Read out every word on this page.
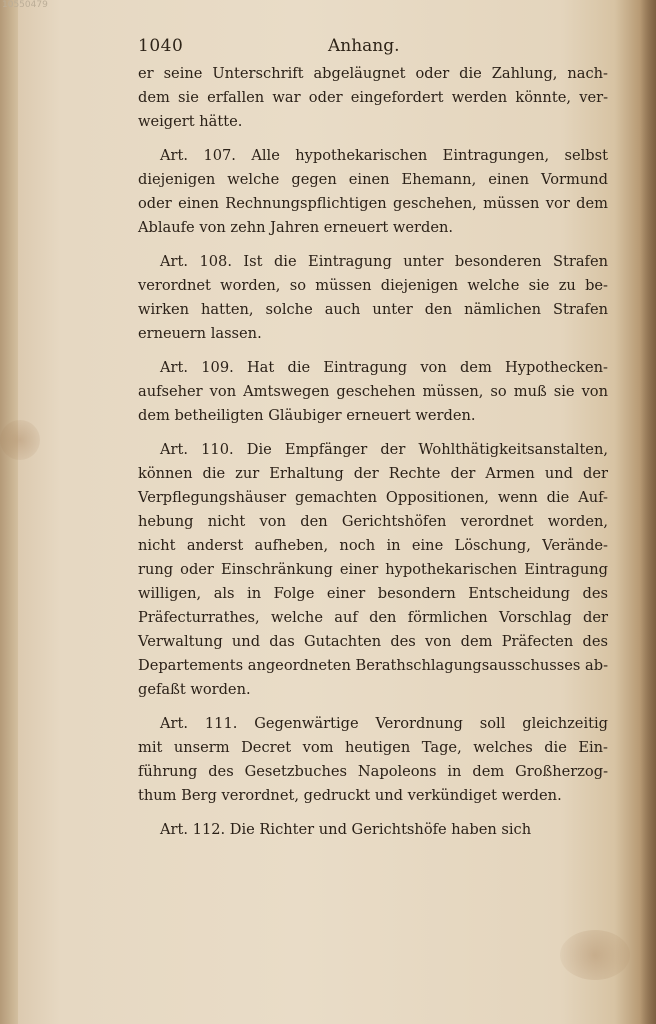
10550479
1040	Anhang.
er seine Unterschrift abgeläugnet oder die Zahlung, nach-
dem sie erfallen war oder eingefordert werden könnte, ver-
weigert hätte.
Art. 107. Alle hypothekarischen Eintragungen, selbst
diejenigen welche gegen einen Ehemann, einen Vormund
oder einen Rechnungspflichtigen geschehen, müssen vor dem
Ablaufe von zehn Jahren erneuert werden.
Art. 108. Ist die Eintragung unter besonderen Strafen
verordnet worden, so müssen diejenigen welche sie zu be-
wirken hatten, solche auch unter den nämlichen Strafen
erneuern lassen.
Art. 109. Hat die Eintragung von dem Hypothecken-
aufseher von Amtswegen geschehen müssen, so muß sie von
dem betheiligten Gläubiger erneuert werden.
Art. 110. Die Empfänger der Wohlthätigkeitsanstalten,
können die zur Erhaltung der Rechte der Armen und der
Verpflegungshäuser gemachten Oppositionen, wenn die Auf-
hebung nicht von den Gerichtshöfen verordnet worden,
nicht anderst aufheben, noch in eine Löschung, Verände-
rung oder Einschränkung einer hypothekarischen Eintragung
willigen, als in Folge einer besondern Entscheidung des
Präfecturrathes, welche auf den förmlichen Vorschlag der
Verwaltung und das Gutachten des von dem Präfecten des
Departements angeordneten Berathschlagungsausschusses ab-
gefaßt worden.
Art. 111. Gegenwärtige Verordnung soll gleichzeitig
mit unserm Decret vom heutigen Tage, welches die Ein-
führung des Gesetzbuches Napoleons in dem Großherzog-
thum Berg verordnet, gedruckt und verkündiget werden.
Art. 112. Die Richter und Gerichtshöfe haben sich
